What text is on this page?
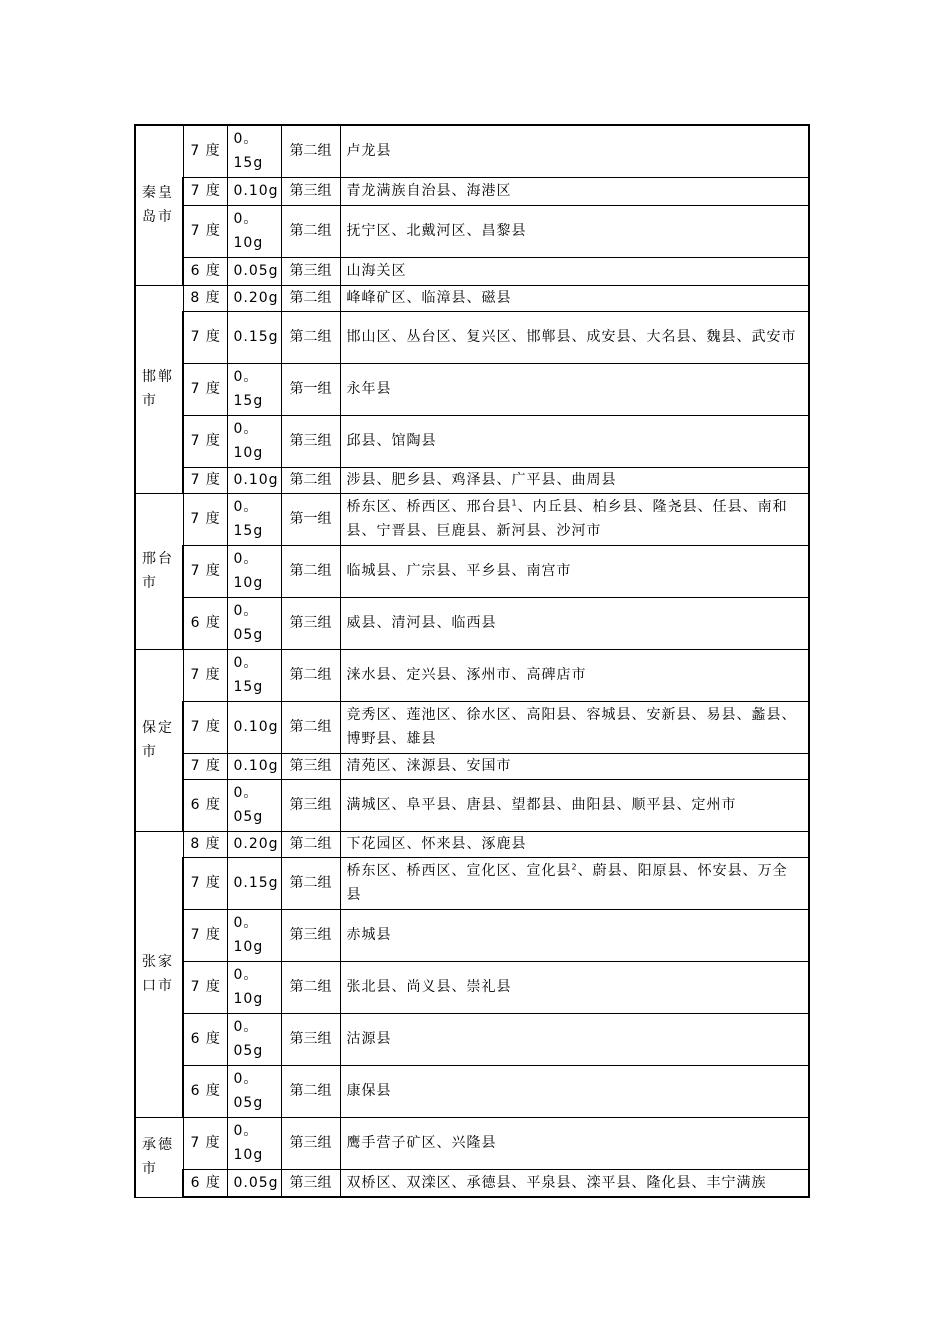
秦皇岛市	7 度	0。15g	第二组	卢龙县
	7 度	0.10g	第三组	青龙满族自治县、海港区
	7 度	0。10g	第二组	抚宁区、北戴河区、昌黎县
	6 度	0.05g	第三组	山海关区
邯郸市	8 度	0.20g	第二组	峰峰矿区、临漳县、磁县
	7 度	0.15g	第二组	邯山区、丛台区、复兴区、邯郸县、成安县、大名县、魏县、武安市
	7 度	0。15g	第一组	永年县
	7 度	0。10g	第三组	邱县、馆陶县
	7 度	0.10g	第二组	涉县、肥乡县、鸡泽县、广平县、曲周县
邢台市	7 度	0。15g	第一组	桥东区、桥西区、邢台县$^1$、内丘县、柏乡县、隆尧县、任县、南和县、宁晋县、巨鹿县、新河县、沙河市
	7 度	0。10g	第二组	临城县、广宗县、平乡县、南宫市
	6 度	0。05g	第三组	威县、清河县、临西县
保定市	7 度	0。15g	第二组	涞水县、定兴县、涿州市、高碑店市
	7 度	0.10g	第二组	竞秀区、莲池区、徐水区、高阳县、容城县、安新县、易县、蠡县、博野县、雄县
	7 度	0.10g	第三组	清苑区、涞源县、安国市
	6 度	0。05g	第三组	满城区、阜平县、唐县、望都县、曲阳县、顺平县、定州市
张家口市	8 度	0.20g	第二组	下花园区、怀来县、涿鹿县
	7 度	0.15g	第二组	桥东区、桥西区、宣化区、宣化县$^2$、蔚县、阳原县、怀安县、万全县
	7 度	0。10g	第三组	赤城县
	7 度	0。10g	第二组	张北县、尚义县、崇礼县
	6 度	0。05g	第三组	沽源县
	6 度	0。05g	第二组	康保县
承德市	7 度	0。10g	第三组	鹰手营子矿区、兴隆县
	6 度	0.05g	第三组	双桥区、双滦区、承德县、平泉县、滦平县、隆化县、丰宁满族
